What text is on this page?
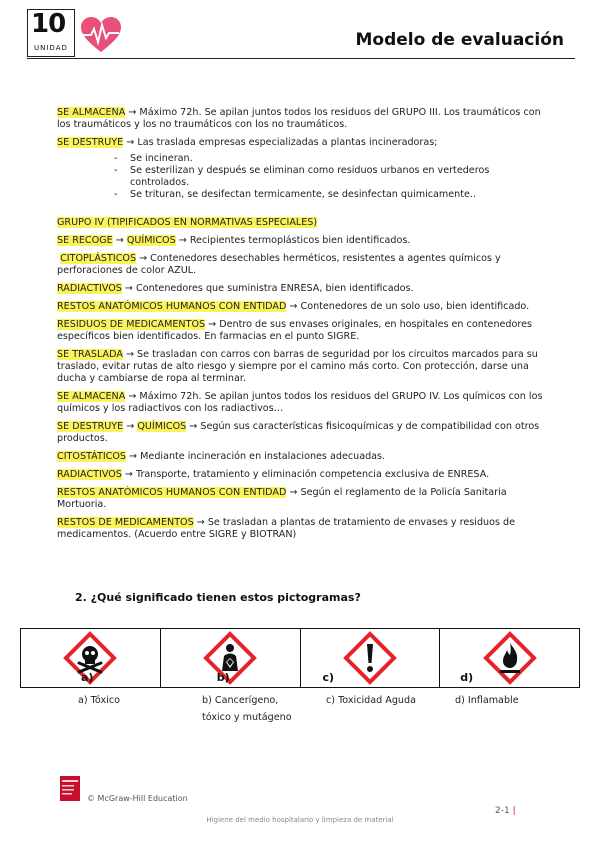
10
UNIDAD	Modelo de evaluación

SE ALMACENA → Máximo 72h. Se apilan juntos todos los residuos del GRUPO III. Los traumáticos con los traumáticos y los no traumáticos con los no traumáticos.

SE DESTRUYE → Las traslada empresas especializadas a plantas incineradoras;

- Se incineran.
- Se esterilizan y después se eliminan como residuos urbanos en vertederos controlados.
- Se trituran, se desifectan termicamente, se desinfectan quimicamente..

GRUPO IV (TIPIFICADOS EN NORMATIVAS ESPECIALES)

SE RECOGE → QUÍMICOS → Recipientes termoplásticos bien identificados.

CITOPLÁSTICOS → Contenedores desechables herméticos, resistentes a agentes químicos y perforaciones de color AZUL.

RADIACTIVOS → Contenedores que suministra ENRESA, bien identificados.

RESTOS ANATÓMICOS HUMANOS CON ENTIDAD → Contenedores de un solo uso, bien identificado.

RESIDUOS DE MEDICAMENTOS → Dentro de sus envases originales, en hospitales en contenedores específicos bien identificados. En farmacias en el punto SIGRE.

SE TRASLADA → Se trasladan con carros con barras de seguridad por los circuitos marcados para su traslado, evitar rutas de alto riesgo y siempre por el camino más corto. Con protección, darse una ducha y cambiarse de ropa al terminar.

SE ALMACENA → Máximo 72h. Se apilan juntos todos los residuos del GRUPO IV. Los químicos con los químicos y los radiactivos con los radiactivos…

SE DESTRUYE → QUÍMICOS → Según sus características fisicoquímicas y de compatibilidad con otros productos.

CITOSTÁTICOS → Mediante incineración en instalaciones adecuadas.

RADIACTIVOS → Transporte, tratamiento y eliminación competencia exclusiva de ENRESA.

RESTOS ANATÓMICOS HUMANOS CON ENTIDAD → Según el reglamento de la Policía Sanitaria Mortuoria.

RESTOS DE MEDICAMENTOS → Se trasladan a plantas de tratamiento de envases y residuos de medicamentos. (Acuerdo entre SIGRE y BIOTRAN)

2. ¿Qué significado tienen estos pictogramas?
a)	b)	c)	d)
a) Tóxico	b) Cancerígeno,
tóxico y mutágeno
c) Toxicidad Aguda	d) Inflamable
© McGraw-Hill Education
2-1 |
Higiene del medio hospitalario y limpieza de material
